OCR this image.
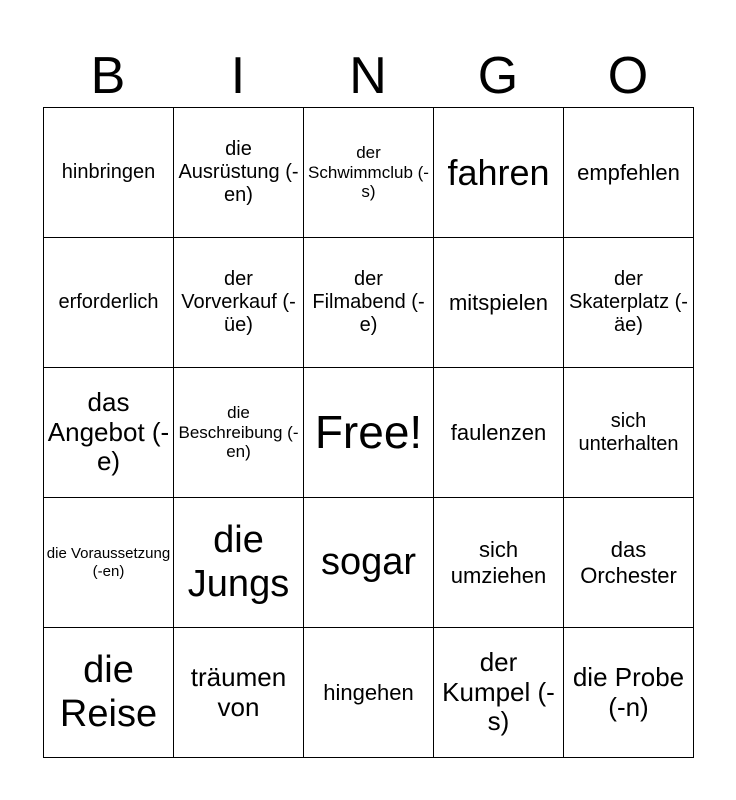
B	I	N	G	O
hinbringen	die Ausrüstung (-en)	der Schwimmclub (-s)	fahren	empfehlen
erforderlich	der Vorverkauf (-üe)	der Filmabend (-e)	mitspielen	der Skaterplatz (-äe)
das Angebot (-e)	die Beschreibung (-en)	Free!	faulenzen	sich unterhalten
die Voraussetzung (-en)	die Jungs	sogar	sich umziehen	das Orchester
die Reise	träumen von	hingehen	der Kumpel (-s)	die Probe (-n)
